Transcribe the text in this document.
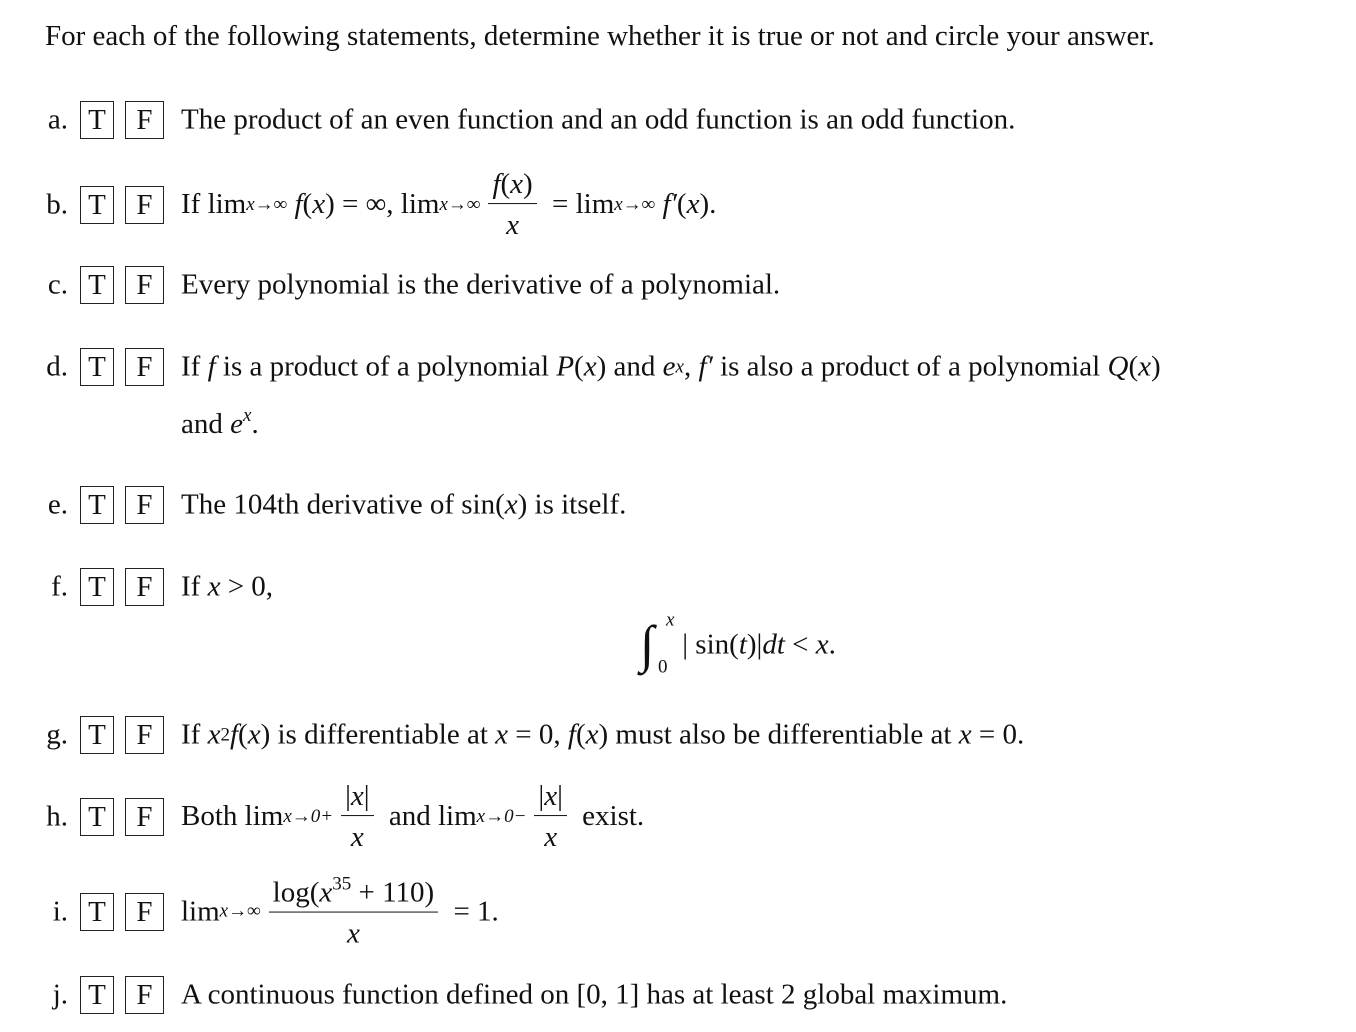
For each of the following statements, determine whether it is true or not and circle your answer.
a. T	F The product of an even function and an odd function is an odd function.
b. T	F If lim x→∞
f ( x ) = ∞, $\lim x\to\infty \frac{f(x)}{x} = \lim x\to\infty$
f′ ( x ).
c. T	F Every polynomial is the derivative of a polynomial.
d. T	F If f is a product of a polynomial P ( x ) and e x , f′ is also a product of a polynomial Q ( x )
and $e^x$.
e. T	F The 104th derivative of sin( x ) is itself.
f. T	F If x > 0,
∫ x
0
| sin( t )| dt < x .
g. T	F If x 2 f ( x ) is differentiable at x = 0, f ( x ) must also be differentiable at x = 0.
h. T	F Both $\lim x\to 0+ \frac{|x|}{x}$ and $\lim x\to 0- \frac{|x|}{x}$ exist.
i. T	F $\lim x\to\infty \frac{\log(x^{35} + 110)}{x} = 1$.
j. T	F A continuous function defined on [0, 1] has at least 2 global maximum.
